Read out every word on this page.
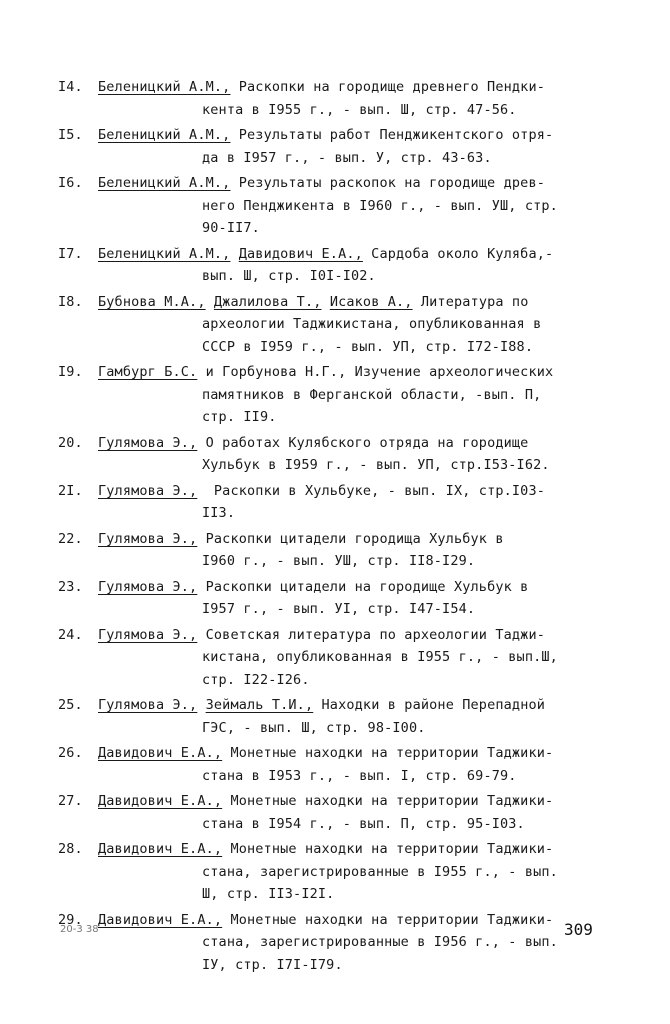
I4.	Беленицкий А.М., Раскопки на городище древнего Пендки-
кента в I955 г., - вып. Ш, стр. 47-56.
I5.	Беленицкий А.М., Результаты работ Пенджикентского отря-
да в I957 г., - вып. У, стр. 43-63.
I6.	Беленицкий А.М., Результаты раскопок на городище древ-
него Пенджикента в I960 г., - вып. УШ, стр.
90-II7.
I7.	Беленицкий А.М., Давидович Е.А., Сардоба около Куляба,-
вып. Ш, стр. I0I-I02.
I8.	Бубнова М.А., Джалилова Т., Исаков А., Литература по
археологии Таджикистана, опубликованная в
СССР в I959 г., - вып. УП, стр. I72-I88.
I9.	Гамбург Б.С. и Горбунова Н.Г., Изучение археологических
памятников в Ферганской области, -вып. П,
стр. II9.
20.	Гулямова Э., О работах Кулябского отряда на городище
Хульбук в I959 г., - вып. УП, стр.I53-I62.
2I.	Гулямова Э.,  Раскопки в Хульбуке, - вып. IX, стр.I03-
II3.
22.	Гулямова Э., Раскопки цитадели городища Хульбук в
I960 г., - вып. УШ, стр. II8-I29.
23.	Гулямова Э., Раскопки цитадели на городище Хульбук в
I957 г., - вып. УI, стр. I47-I54.
24.	Гулямова Э., Советская литература по археологии Таджи-
кистана, опубликованная в I955 г., - вып.Ш,
стр. I22-I26.
25.	Гулямова Э., Зеймаль Т.И., Находки в районе Перепадной
ГЭС, - вып. Ш, стр. 98-I00.
26.	Давидович Е.А., Монетные находки на территории Таджики-
стана в I953 г., - вып. I, стр. 69-79.
27.	Давидович Е.А., Монетные находки на территории Таджики-
стана в I954 г., - вып. П, стр. 95-I03.
28.	Давидович Е.А., Монетные находки на территории Таджики-
стана, зарегистрированные в I955 г., - вып.
Ш, стр. II3-I2I.
29.	Давидович Е.А., Монетные находки на территории Таджики-
стана, зарегистрированные в I956 г., - вып.
IУ, стр. I7I-I79.
20-3 38	309
